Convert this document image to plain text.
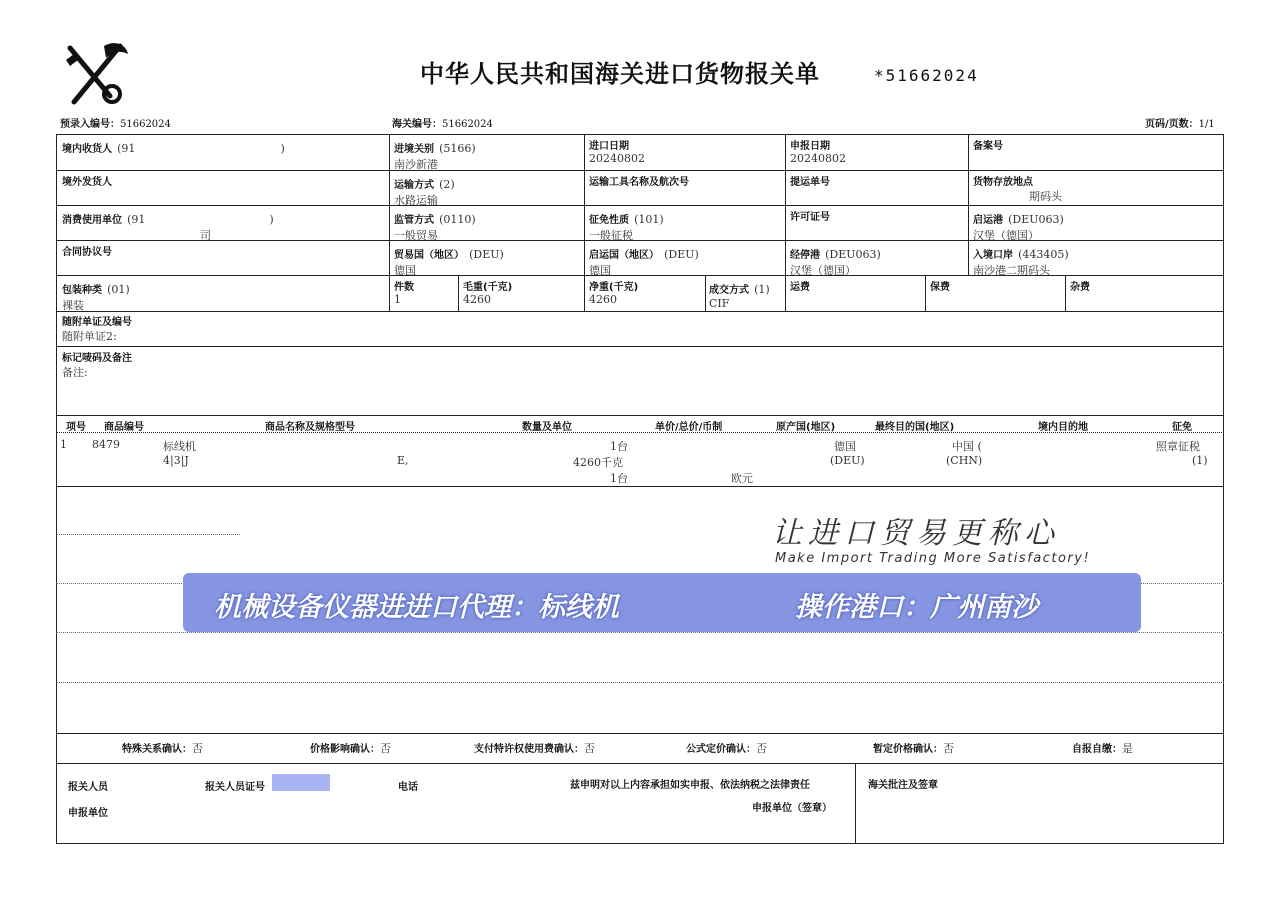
中华人民共和国海关进口货物报关单	*51662024
预录入编号：51662024	海关编号：51662024	页码/页数：1/1
境内收货人 (91	)	进境关别 (5166)
南沙新港
进口日期
20240802
申报日期
20240802
备案号
境外发货人	运输方式 (2)
水路运输
运输工具名称及航次号	提运单号	货物存放地点
期码头
消费使用单位 (91	)
司
监管方式 (0110)
一般贸易
征免性质 (101)
一般征税
许可证号	启运港 (DEU063)
汉堡（德国）
合同协议号	贸易国（地区） (DEU)
德国
启运国（地区） (DEU)
德国
经停港 (DEU063)
汉堡（德国）
入境口岸 (443405)
南沙港二期码头
包装种类 (01)
裸装
件数
1
毛重(千克)
4260
净重(千克)
4260
成交方式 (1)
CIF
运费	保费	杂费
随附单证及编号
随附单证2:
标记唛码及备注
备注:
项号 商品编号	商品名称及规格型号	数量及单位	单价/总价/币制	原产国(地区)	最终目的国(地区)	境内目的地	征免
1 8479	标线机
4|3|J	E,
1台
4260千克
1台	欧元
德国
(DEU)
中国 (
(CHN)
照章征税
(1)
让进口贸易更称心
Make Import Trading More Satisfactory!
机械设备仪器进进口代理：标线机	操作港口：广州南沙
特殊关系确认：否	价格影响确认：否	支付特许权使用费确认：否	公式定价确认：否	暂定价格确认：否	自报自缴：是
报关人员	报关人员证号	电话	兹申明对以上内容承担如实申报、依法纳税之法律责任
申报单位	申报单位（签章）
海关批注及签章
